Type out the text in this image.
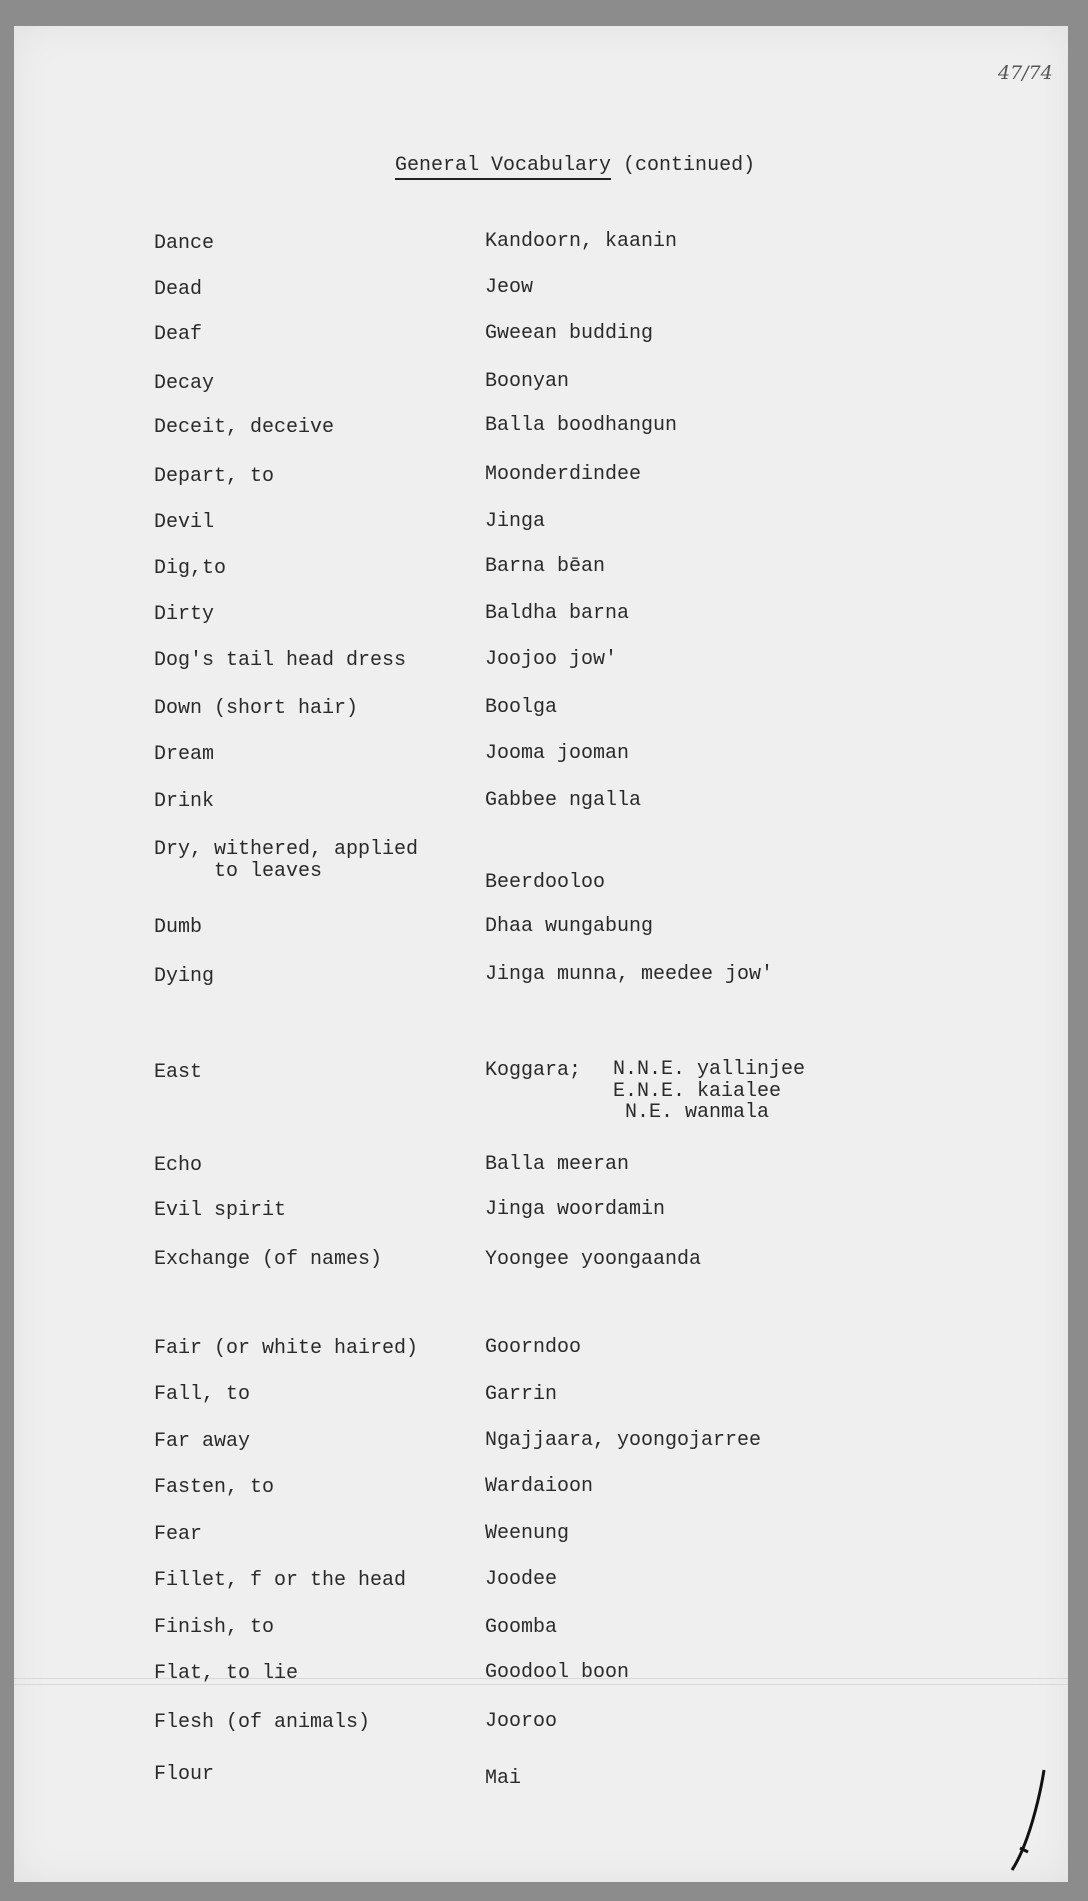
47/74
General Vocabulary (continued)
Dance	Kandoorn, kaanin
Dead	Jeow
Deaf	Gweean budding
Decay	Boonyan
Deceit, deceive	Balla boodhangun
Depart, to	Moonderdindee
Devil	Jinga
Dig,to	Barna bēan
Dirty	Baldha barna
Dog's tail head dress	Joojoo jow'
Down (short hair)	Boolga
Dream	Jooma jooman
Drink	Gabbee ngalla
Dry, withered, applied
to leaves	Beerdooloo
Dumb	Dhaa wungabung
Dying	Jinga munna, meedee jow'
East	Koggara; N.N.E. yallinjee
E.N.E. kaialee
N.E. wanmala
Echo	Balla meeran
Evil spirit	Jinga woordamin
Exchange (of names)	Yoongee yoongaanda
Fair (or white haired)	Goorndoo
Fall, to	Garrin
Far away	Ngajjaara, yoongojarree
Fasten, to	Wardaioon
Fear	Weenung
Fillet, f or the head	Joodee
Finish, to	Goomba
Flat, to lie	Goodool boon
Flesh (of animals)	Jooroo
Flour	Mai
